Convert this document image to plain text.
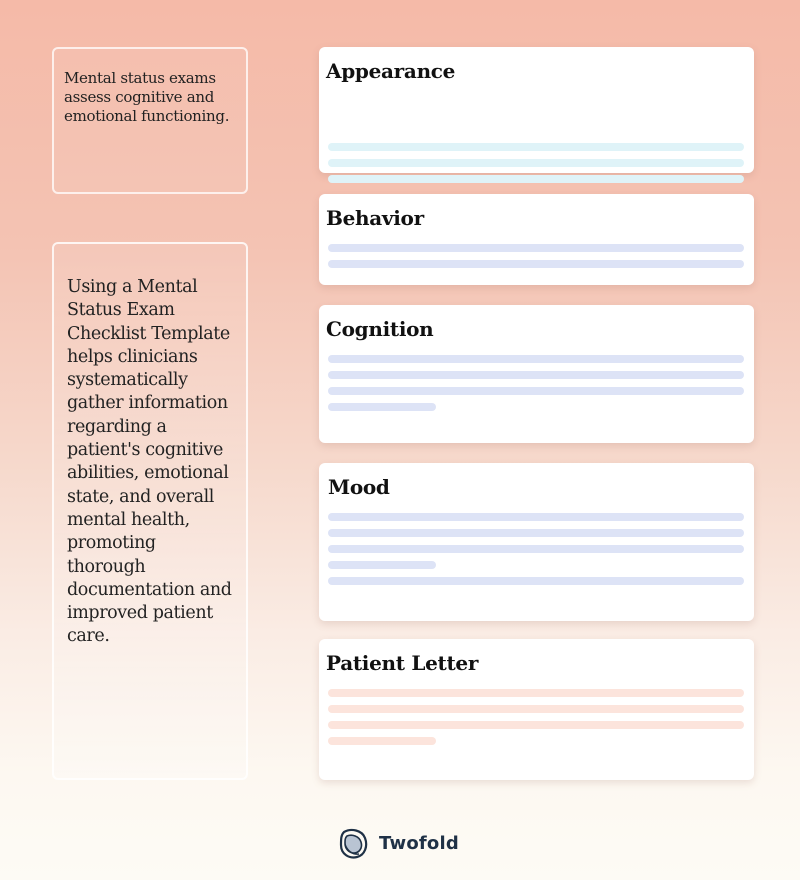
Mental status exams assess cognitive and emotional functioning.
Using a Mental Status Exam Checklist Template helps clinicians systematically gather information regarding a patient's cognitive abilities, emotional state, and overall mental health, promoting thorough documentation and improved patient care.
Appearance
Behavior
Cognition
Mood
Patient Letter
Twofold
